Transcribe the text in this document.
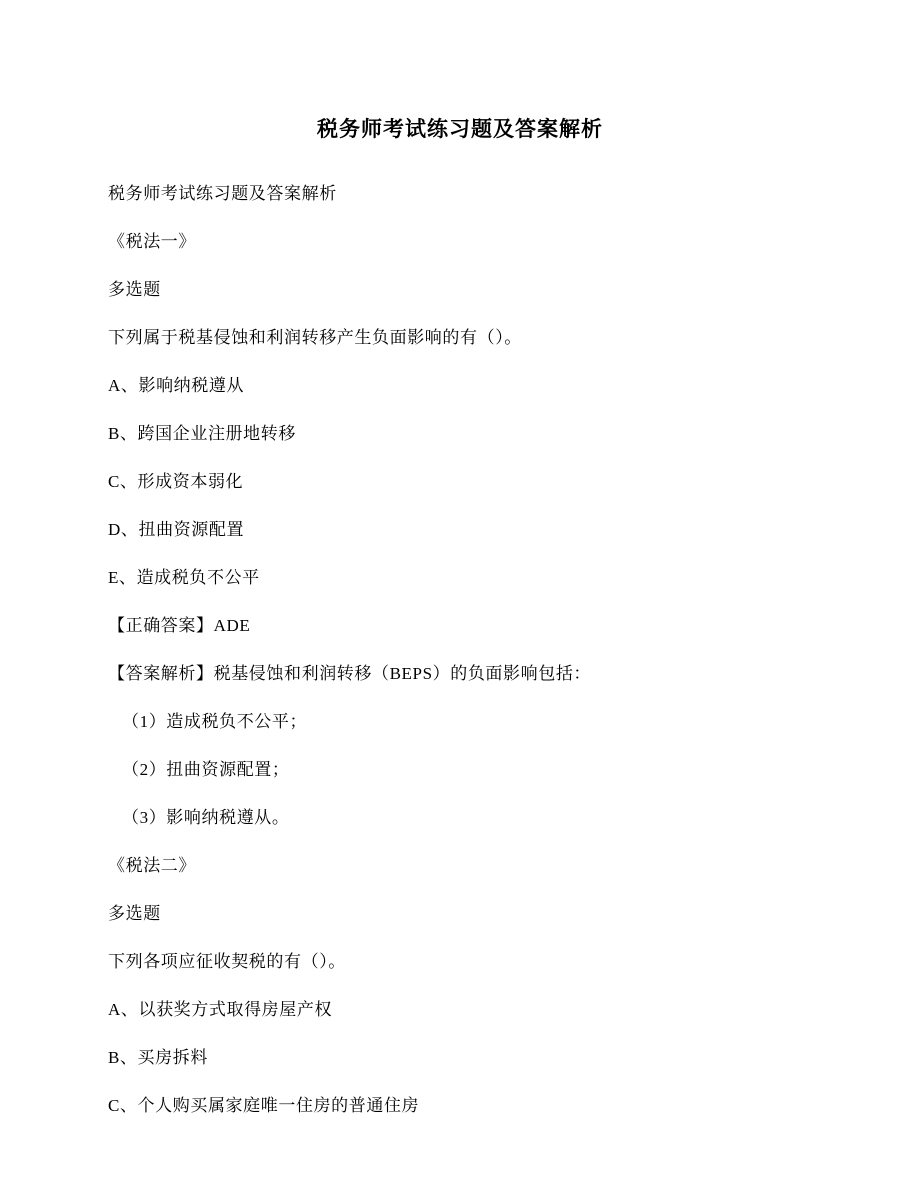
税务师考试练习题及答案解析

税务师考试练习题及答案解析

《税法一》

多选题

下列属于税基侵蚀和利润转移产生负面影响的有（）。

A、影响纳税遵从

B、跨国企业注册地转移

C、形成资本弱化

D、扭曲资源配置

E、造成税负不公平

【正确答案】ADE

【答案解析】税基侵蚀和利润转移（BEPS）的负面影响包括：

（1）造成税负不公平；

（2）扭曲资源配置；

（3）影响纳税遵从。

《税法二》

多选题

下列各项应征收契税的有（）。

A、以获奖方式取得房屋产权

B、买房拆料

C、个人购买属家庭唯一住房的普通住房
